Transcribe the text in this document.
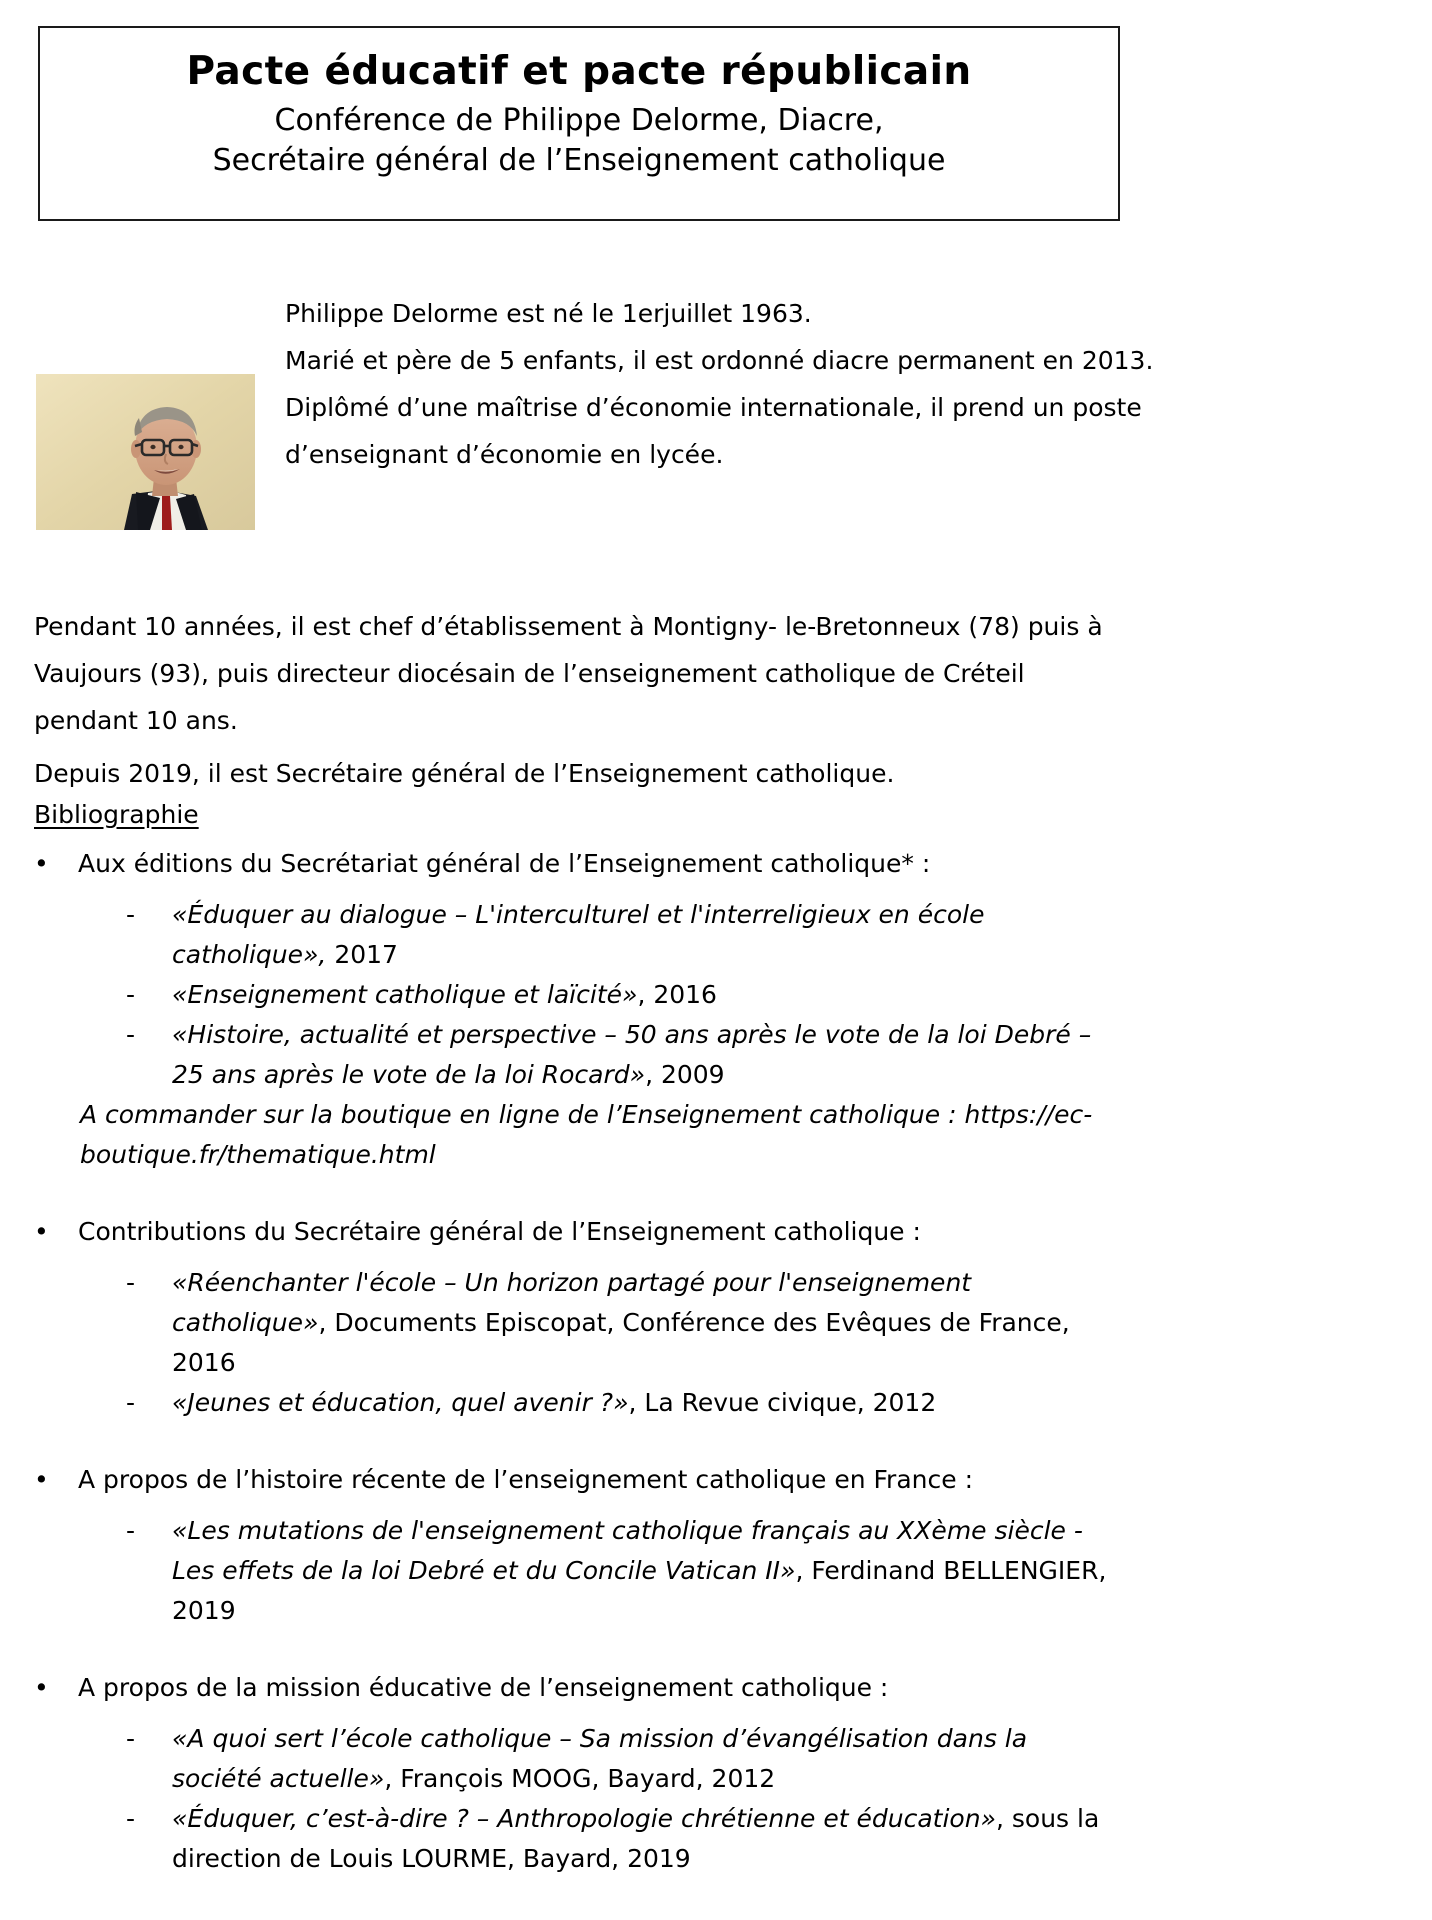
Pacte éducatif et pacte républicain
Conférence de Philippe Delorme, Diacre,
Secrétaire général de l’Enseignement catholique
Philippe Delorme est né le 1erjuillet 1963.
Marié et père de 5 enfants, il est ordonné diacre permanent en 2013.
Diplômé d’une maîtrise d’économie internationale, il prend un poste
d’enseignant d’économie en lycée.
Pendant 10 années, il est chef d’établissement à Montigny- le-Bretonneux (78) puis à Vaujours (93), puis directeur diocésain de l’enseignement catholique de Créteil pendant 10 ans.
Depuis 2019, il est Secrétaire général de l’Enseignement catholique.
Bibliographie
•	Aux éditions du Secrétariat général de l’Enseignement catholique* :
-	«Éduquer au dialogue – L'interculturel et l'interreligieux en école catholique», 2017
-	«Enseignement catholique et laïcité», 2016
-	«Histoire, actualité et perspective – 50 ans après le vote de la loi Debré – 25 ans après le vote de la loi Rocard», 2009
A commander sur la boutique en ligne de l’Enseignement catholique : https://ec-boutique.fr/thematique.html
•	Contributions du Secrétaire général de l’Enseignement catholique :
-	«Réenchanter l'école – Un horizon partagé pour l'enseignement catholique», Documents Episcopat, Conférence des Evêques de France, 2016
-	«Jeunes et éducation, quel avenir ?», La Revue civique, 2012
•	A propos de l’histoire récente de l’enseignement catholique en France :
-	«Les mutations de l'enseignement catholique français au XXème siècle - Les effets de la loi Debré et du Concile Vatican II», Ferdinand BELLENGIER, 2019
•	A propos de la mission éducative de l’enseignement catholique :
-	«A quoi sert l’école catholique – Sa mission d’évangélisation dans la société actuelle», François MOOG, Bayard, 2012
-	«Éduquer, c’est-à-dire ? – Anthropologie chrétienne et éducation», sous la direction de Louis LOURME, Bayard, 2019
